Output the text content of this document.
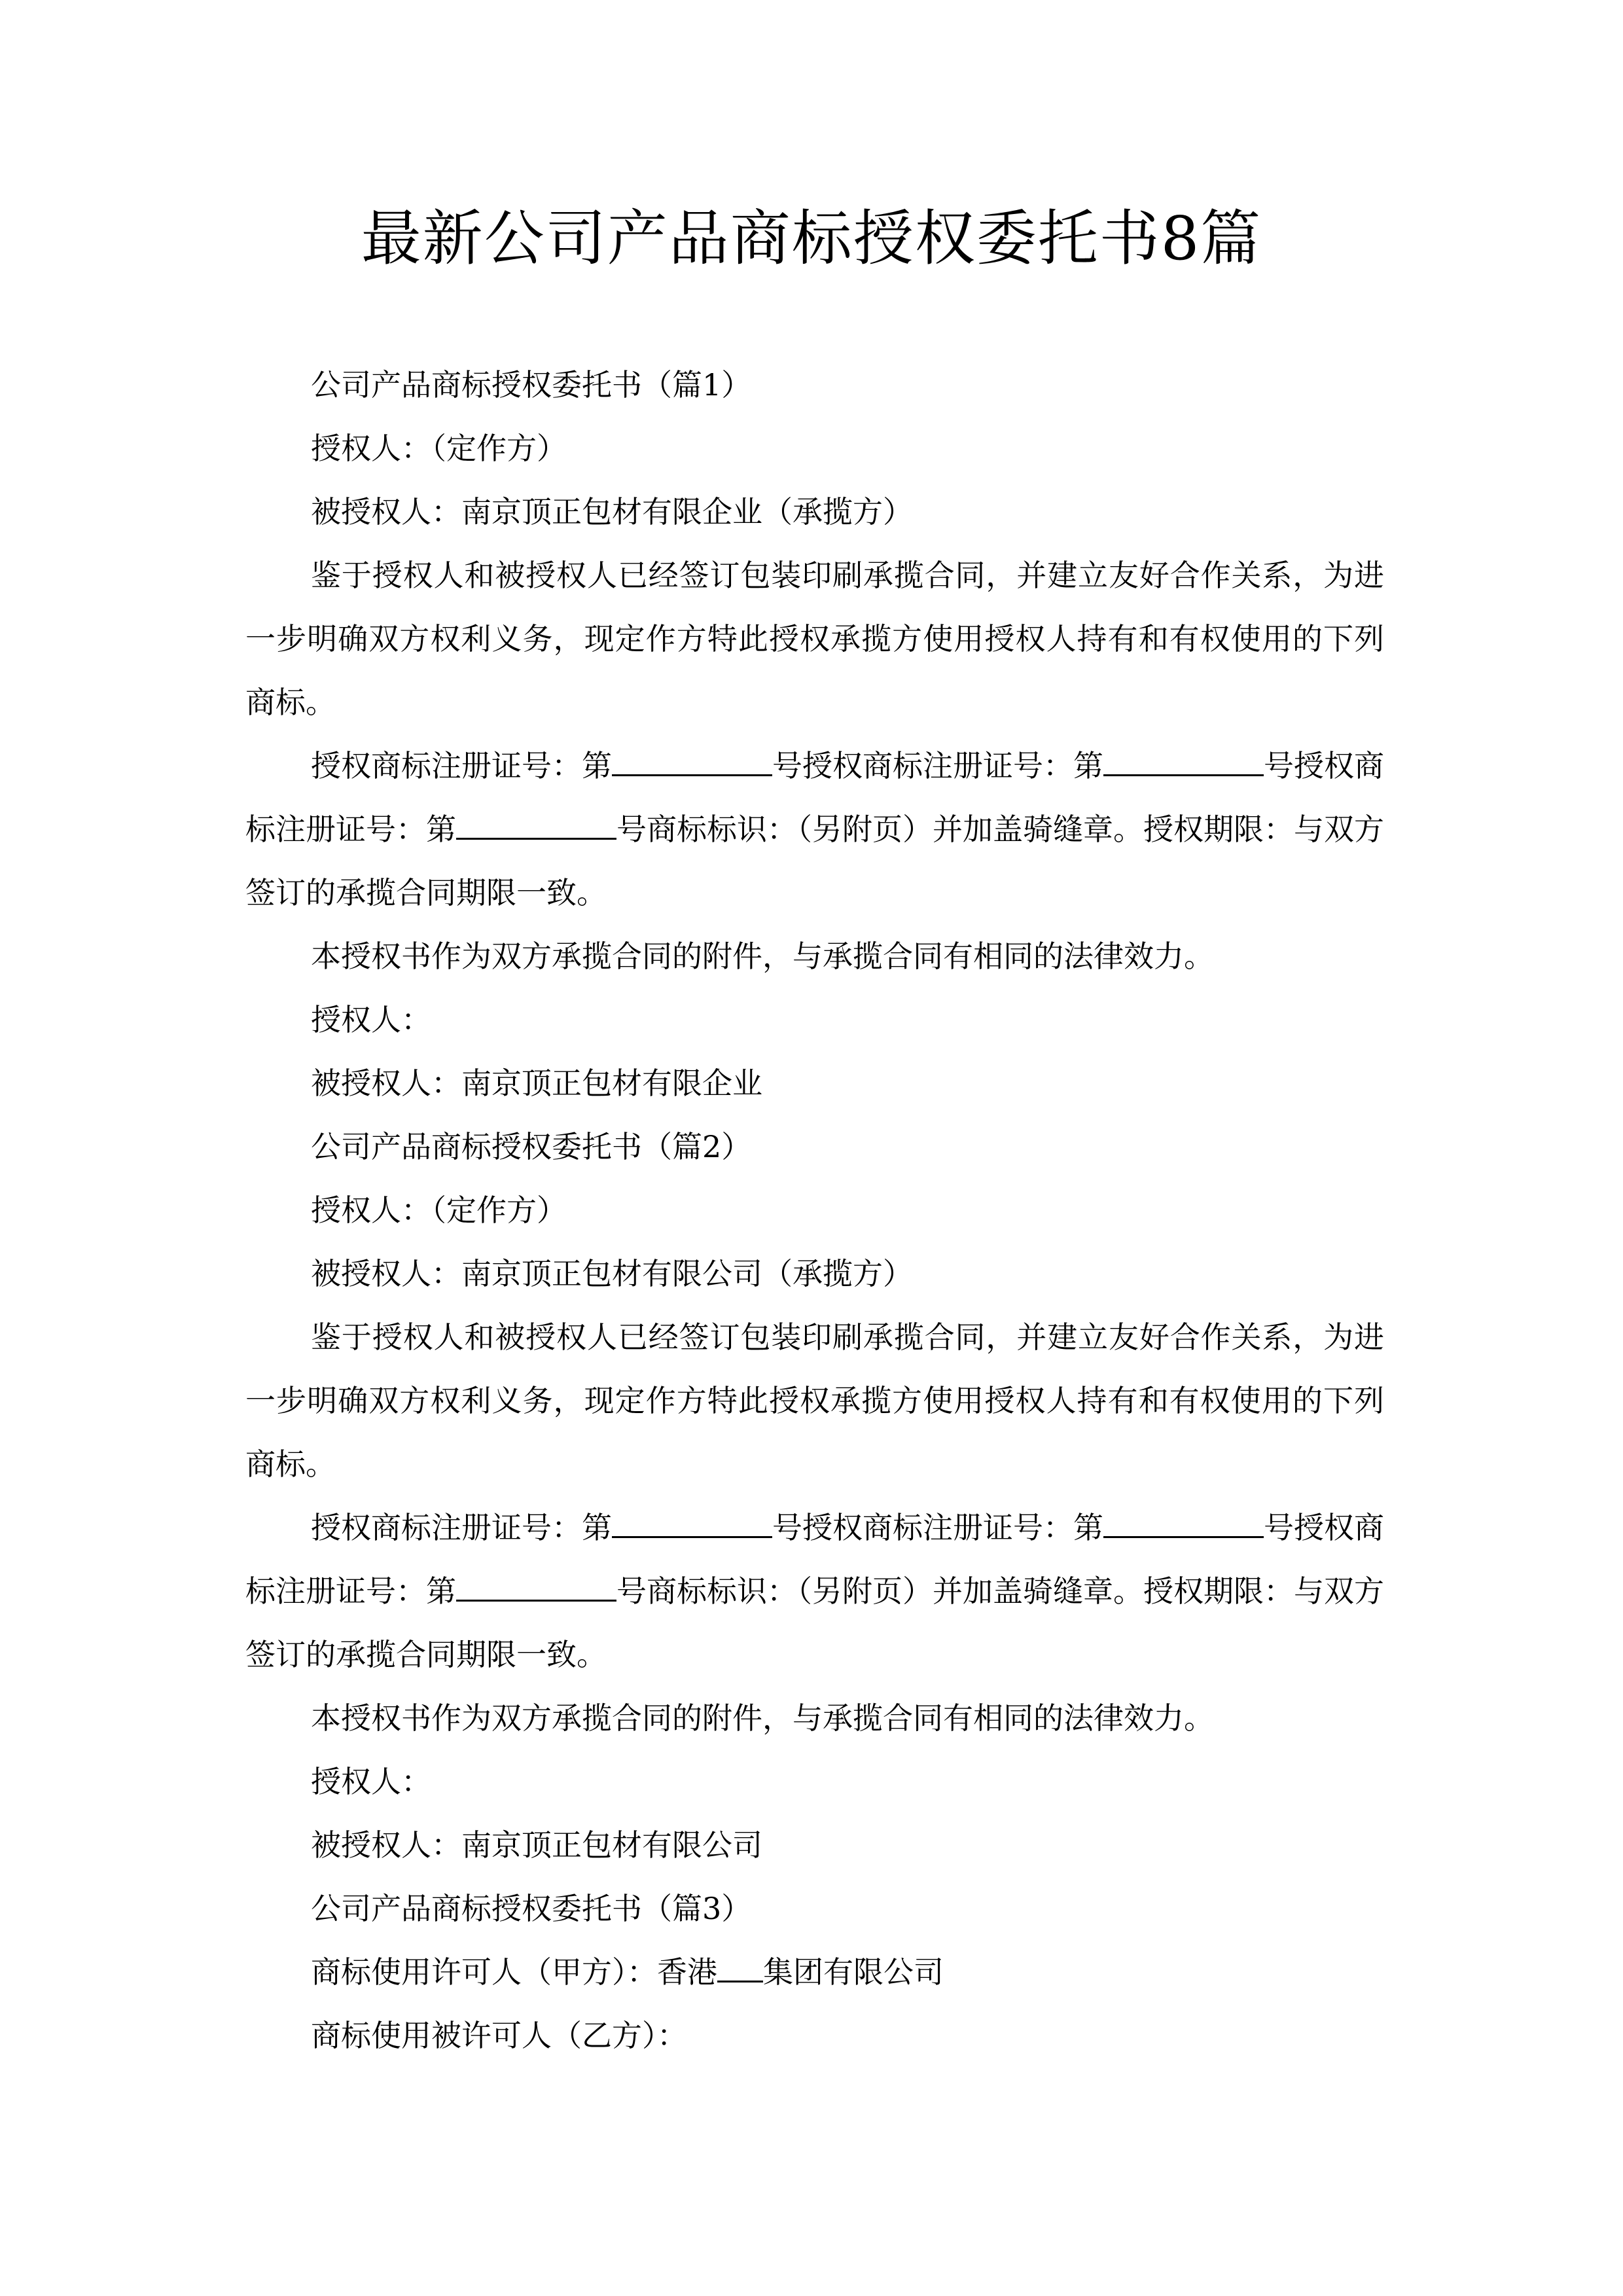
最新公司产品商标授权委托书8篇

公司产品商标授权委托书（篇1）

授权人：（定作方）

被授权人：南京顶正包材有限企业（承揽方）

鉴于授权人和被授权人已经签订包装印刷承揽合同，并建立友好合作关系，为进一步明确双方权利义务，现定作方特此授权承揽方使用授权人持有和有权使用的下列商标。

授权商标注册证号：第	号授权商标注册证号：第	号授权商标注册证号：第	号商标标识：（另附页）并加盖骑缝章。授权期限：与双方签订的承揽合同期限一致。

本授权书作为双方承揽合同的附件，与承揽合同有相同的法律效力。

授权人：

被授权人：南京顶正包材有限企业

公司产品商标授权委托书（篇2）

授权人：（定作方）

被授权人：南京顶正包材有限公司（承揽方）

鉴于授权人和被授权人已经签订包装印刷承揽合同，并建立友好合作关系，为进一步明确双方权利义务，现定作方特此授权承揽方使用授权人持有和有权使用的下列商标。

授权商标注册证号：第	号授权商标注册证号：第	号授权商标注册证号：第	号商标标识：（另附页）并加盖骑缝章。授权期限：与双方签订的承揽合同期限一致。

本授权书作为双方承揽合同的附件，与承揽合同有相同的法律效力。

授权人：

被授权人：南京顶正包材有限公司

公司产品商标授权委托书（篇3）

商标使用许可人（甲方）：香港 集团有限公司

商标使用被许可人（乙方）：
